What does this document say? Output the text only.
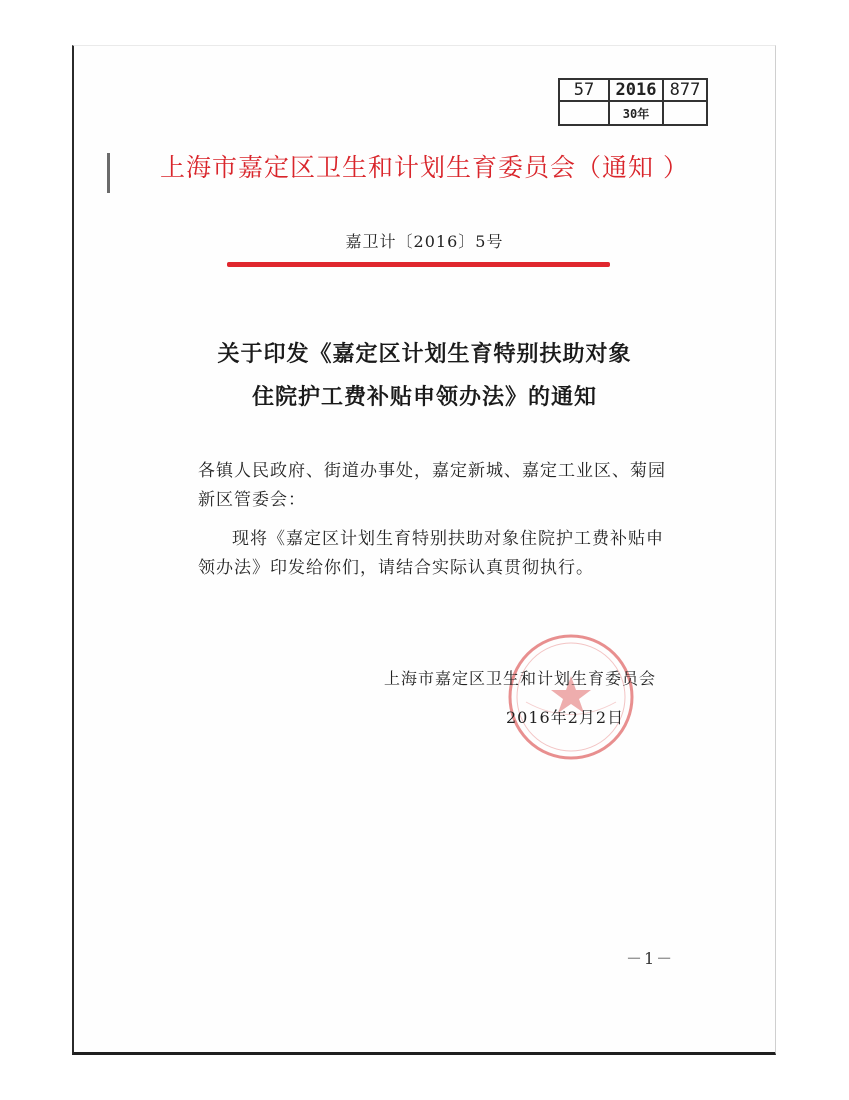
57	2016 877
30年
上海市嘉定区卫生和计划生育委员会（通知 ）
嘉卫计〔2016〕5号
关于印发《嘉定区计划生育特别扶助对象
住院护工费补贴申领办法》的通知
各镇人民政府、街道办事处，嘉定新城、嘉定工业区、菊园
新区管委会：
现将《嘉定区计划生育特别扶助对象住院护工费补贴申
领办法》印发给你们，请结合实际认真贯彻执行。
上海市嘉定区卫生和计划生育委员会
2016年2月2日
－1－
